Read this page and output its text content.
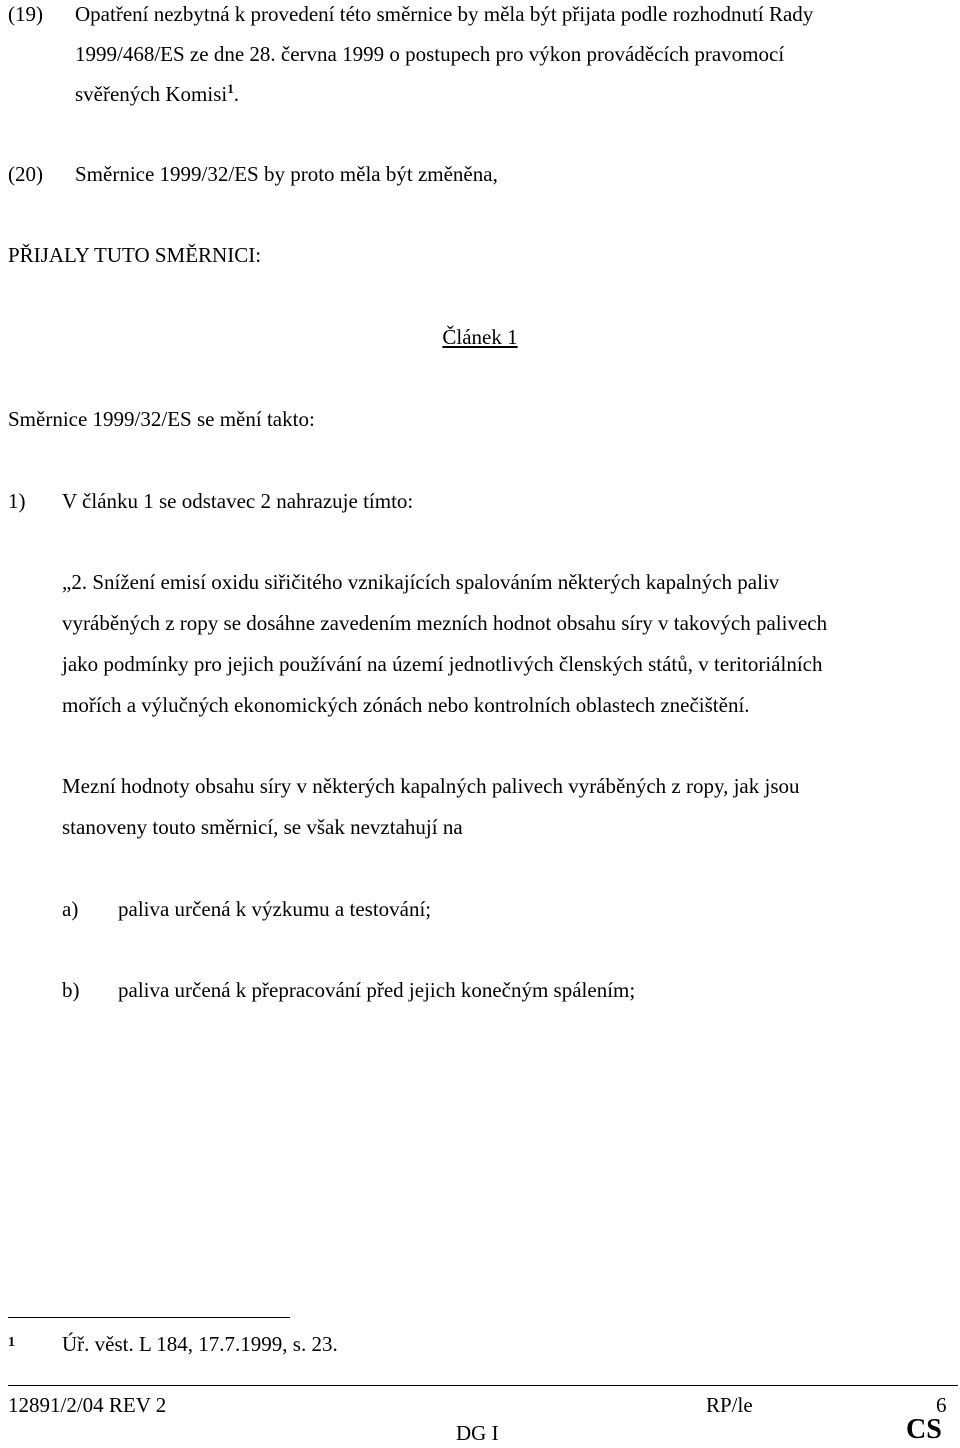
(19) Opatření nezbytná k provedení této směrnice by měla být přijata podle rozhodnutí Rady
1999/468/ES ze dne 28. června 1999 o postupech pro výkon prováděcích pravomocí
svěřených Komisi$^1$.
(20) Směrnice 1999/32/ES by proto měla být změněna,
PŘIJALY TUTO SMĚRNICI:
Článek 1
Směrnice 1999/32/ES se mění takto:
1) V článku 1 se odstavec 2 nahrazuje tímto:
„2. Snížení emisí oxidu siřičitého vznikajících spalováním některých kapalných paliv
vyráběných z ropy se dosáhne zavedením mezních hodnot obsahu síry v takových palivech
jako podmínky pro jejich používání na území jednotlivých členských států, v teritoriálních
mořích a výlučných ekonomických zónách nebo kontrolních oblastech znečištění.
Mezní hodnoty obsahu síry v některých kapalných palivech vyráběných z ropy, jak jsou
stanoveny touto směrnicí, se však nevztahují na
a) paliva určená k výzkumu a testování;
b) paliva určená k přepracování před jejich konečným spálením;
1 Úř. věst. L 184, 17.7.1999, s. 23.
12891/2/04 REV 2	RP/le	6
DG I	CS
